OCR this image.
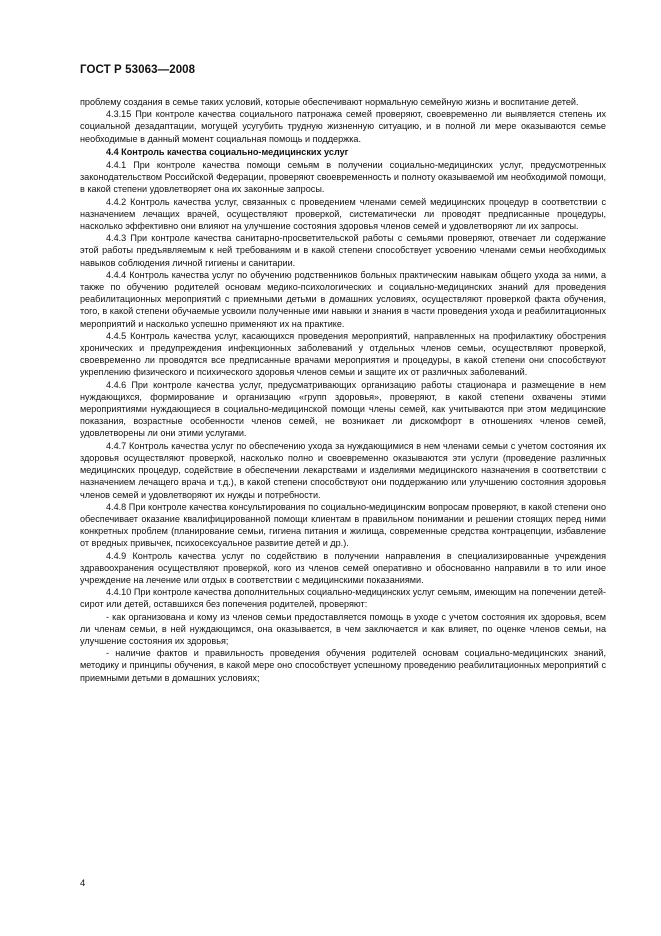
ГОСТ Р 53063—2008

проблему создания в семье таких условий, которые обеспечивают нормальную семейную жизнь и воспитание детей.

4.3.15 При контроле качества социального патронажа семей проверяют, своевременно ли выявляется степень их социальной дезадаптации, могущей усугубить трудную жизненную ситуацию, и в полной ли мере оказываются семье необходимые в данный момент социальная помощь и поддержка.

4.4 Контроль качества социально-медицинских услуг

4.4.1 При контроле качества помощи семьям в получении социально-медицинских услуг, предусмотренных законодательством Российской Федерации, проверяют своевременность и полноту оказываемой им необходимой помощи, в какой степени удовлетворяет она их законные запросы.

4.4.2 Контроль качества услуг, связанных с проведением членами семей медицинских процедур в соответствии с назначением лечащих врачей, осуществляют проверкой, систематически ли проводят предписанные процедуры, насколько эффективно они влияют на улучшение состояния здоровья членов семей и удовлетворяют ли их запросы.

4.4.3 При контроле качества санитарно-просветительской работы с семьями проверяют, отвечает ли содержание этой работы предъявляемым к ней требованиям и в какой степени способствует усвоению членами семьи необходимых навыков соблюдения личной гигиены и санитарии.

4.4.4 Контроль качества услуг по обучению родственников больных практическим навыкам общего ухода за ними, а также по обучению родителей основам медико-психологических и социально-медицинских знаний для проведения реабилитационных мероприятий с приемными детьми в домашних условиях, осуществляют проверкой факта обучения, того, в какой степени обучаемые усвоили полученные ими навыки и знания в части проведения ухода и реабилитационных мероприятий и насколько успешно применяют их на практике.

4.4.5 Контроль качества услуг, касающихся проведения мероприятий, направленных на профилактику обострения хронических и предупреждения инфекционных заболеваний у отдельных членов семьи, осуществляют проверкой, своевременно ли проводятся все предписанные врачами мероприятия и процедуры, в какой степени они способствуют укреплению физического и психического здоровья членов семьи и защите их от различных заболеваний.

4.4.6 При контроле качества услуг, предусматривающих организацию работы стационара и размещение в нем нуждающихся, формирование и организацию «групп здоровья», проверяют, в какой степени охвачены этими мероприятиями нуждающиеся в социально-медицинской помощи члены семей, как учитываются при этом медицинские показания, возрастные особенности членов семей, не возникает ли дискомфорт в отношениях членов семей, удовлетворены ли они этими услугами.

4.4.7 Контроль качества услуг по обеспечению ухода за нуждающимися в нем членами семьи с учетом состояния их здоровья осуществляют проверкой, насколько полно и своевременно оказываются эти услуги (проведение различных медицинских процедур, содействие в обеспечении лекарствами и изделиями медицинского назначения в соответствии с назначением лечащего врача и т.д.), в какой степени способствуют они поддержанию или улучшению состояния здоровья членов семей и удовлетворяют их нужды и потребности.

4.4.8 При контроле качества консультирования по социально-медицинским вопросам проверяют, в какой степени оно обеспечивает оказание квалифицированной помощи клиентам в правильном понимании и решении стоящих перед ними конкретных проблем (планирование семьи, гигиена питания и жилища, современные средства контрацепции, избавление от вредных привычек, психосексуальное развитие детей и др.).

4.4.9 Контроль качества услуг по содействию в получении направления в специализированные учреждения здравоохранения осуществляют проверкой, кого из членов семей оперативно и обоснованно направили в то или иное учреждение на лечение или отдых в соответствии с медицинскими показаниями.

4.4.10 При контроле качества дополнительных социально-медицинских услуг семьям, имеющим на попечении детей-сирот или детей, оставшихся без попечения родителей, проверяют:

- как организована и кому из членов семьи предоставляется помощь в уходе с учетом состояния их здоровья, всем ли членам семьи, в ней нуждающимся, она оказывается, в чем заключается и как влияет, по оценке членов семьи, на улучшение состояния их здоровья;

- наличие фактов и правильность проведения обучения родителей основам социально-медицинских знаний, методику и принципы обучения, в какой мере оно способствует успешному проведению реабилитационных мероприятий с приемными детьми в домашних условиях;

4
